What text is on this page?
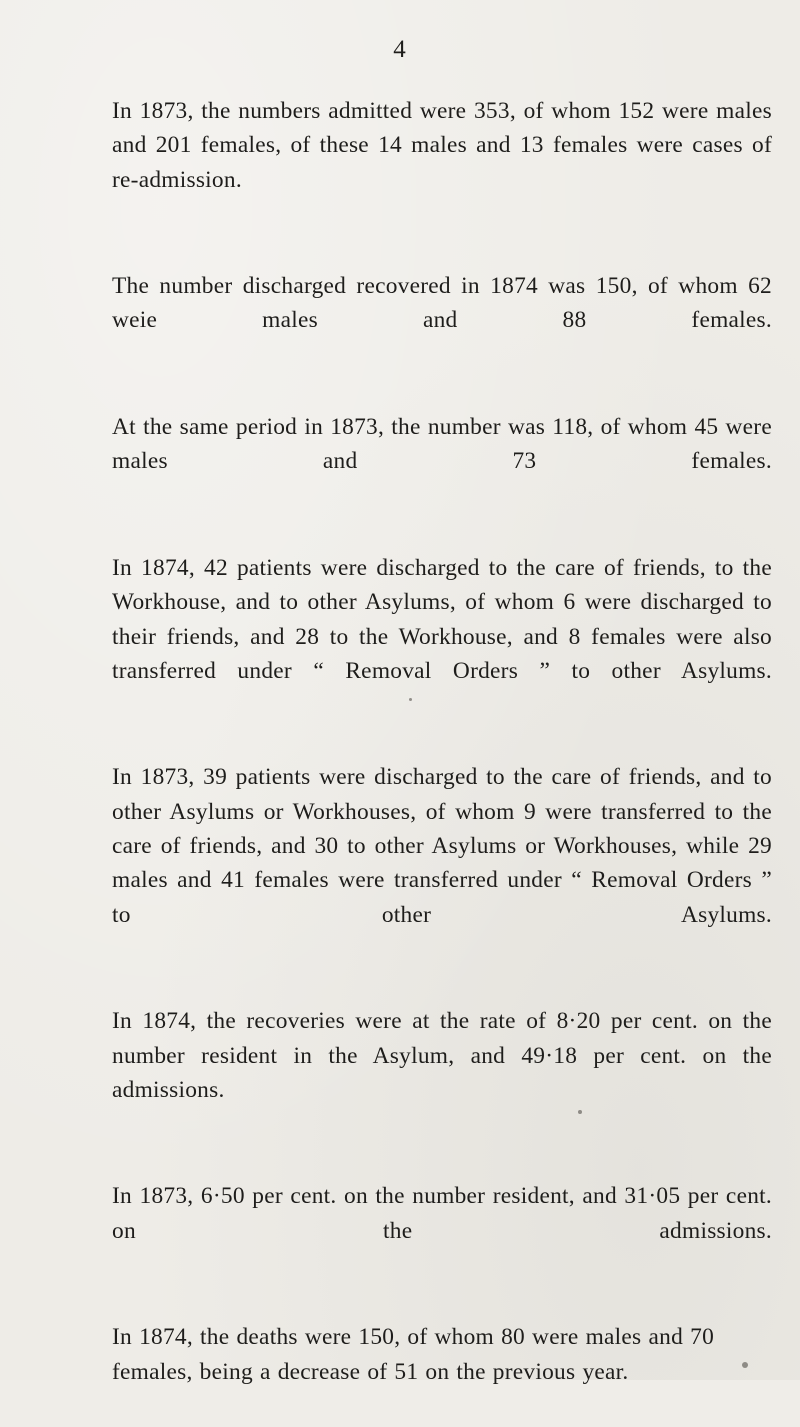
4

In 1873, the numbers admitted were 353, of whom 152 were males and 201 females, of these 14 males and 13 females were cases of re-admission.

The number discharged recovered in 1874 was 150, of whom 62 weie males and 88 females.

At the same period in 1873, the number was 118, of whom 45 were males and 73 females.

In 1874, 42 patients were discharged to the care of friends, to the Workhouse, and to other Asylums, of whom 6 were discharged to their friends, and 28 to the Workhouse, and 8 females were also transferred under “ Removal Orders ” to other Asylums.

In 1873, 39 patients were discharged to the care of friends, and to other Asylums or Workhouses, of whom 9 were transferred to the care of friends, and 30 to other Asylums or Workhouses, while 29 males and 41 females were transferred under “ Removal Orders ” to other	Asylums.

In 1874, the recoveries were at the rate of 8·20 per cent. on the number resident in the Asylum, and 49·18 per cent. on the admissions.

In 1873, 6·50 per cent. on the number resident, and 31·05 per cent. on the admissions.

In 1874, the deaths were 150, of whom 80 were males and 70 females, being a decrease of 51 on the previous year.
